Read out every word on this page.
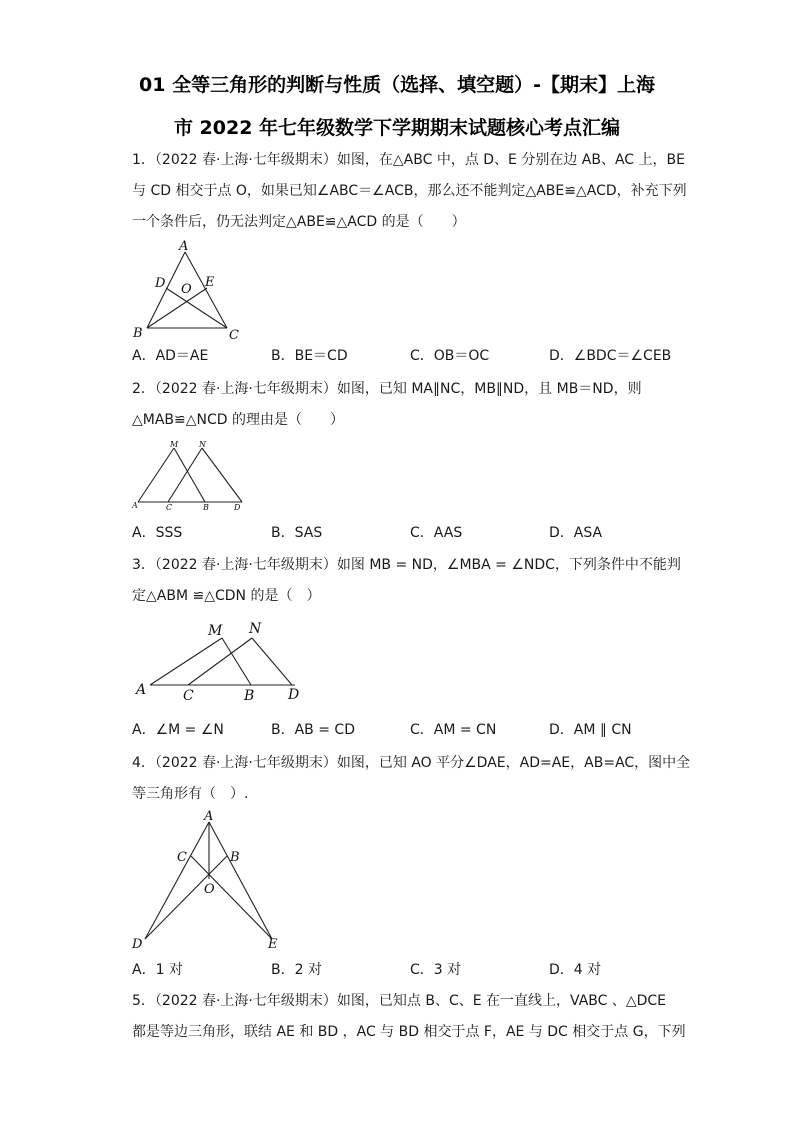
01 全等三角形的判断与性质（选择、填空题）-【期末】上海
市 2022 年七年级数学下学期期末试题核心考点汇编
1．（2022 春·上海·七年级期末）如图，在△ABC 中，点 D、E 分别在边 AB、AC 上，BE
与 CD 相交于点 O，如果已知∠ABC＝∠ACB，那么还不能判定△ABE≌△ACD，补充下列
一个条件后，仍无法判定△ABE≌△ACD 的是（　　）
A
D O E
B	C
A．AD＝AE	B．BE＝CD	C．OB＝OC	D．∠BDC＝∠CEB
2．（2022 春·上海·七年级期末）如图，已知 MA∥NC，MB∥ND，且 MB＝ND，则
△MAB≌△NCD 的理由是（　　）
M	N
A	C	B	D
A．SSS	B．SAS	C．AAS	D．ASA
3．（2022 春·上海·七年级期末）如图 MB = ND，∠MBA = ∠NDC，下列条件中不能判
定△ABM ≌△CDN 的是（　）
M N
A	C	B D
A．∠M = ∠N	B．AB = CD	C．AM = CN	D．AM ∥ CN
4．（2022 春·上海·七年级期末）如图，已知 AO 平分∠DAE，AD=AE，AB=AC，图中全
等三角形有（　）.
A
C	B
O
D	E
A．1 对	B．2 对	C．3 对	D．4 对
5．（2022 春·上海·七年级期末）如图，已知点 B、C、E 在一直线上，VABC 、△DCE
都是等边三角形，联结 AE 和 BD ，AC 与 BD 相交于点 F，AE 与 DC 相交于点 G，下列
